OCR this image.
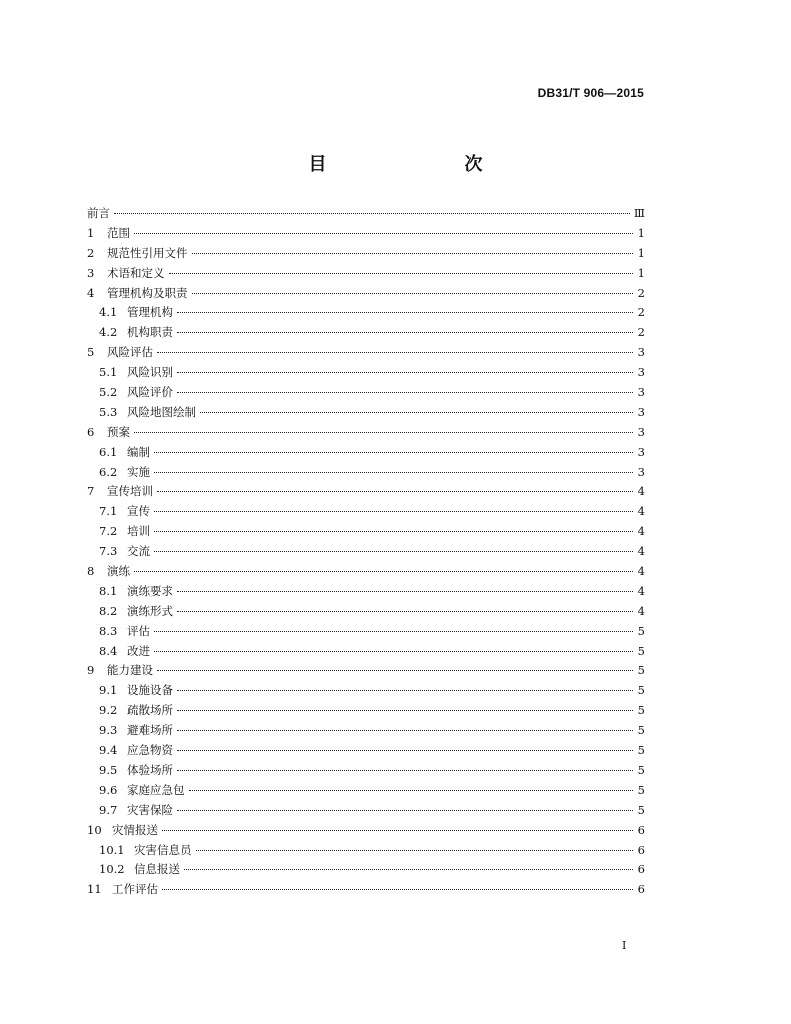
DB31/T 906—2015
目　　次
前言	Ⅲ
1	范围	1
2	规范性引用文件	1
3	术语和定义	1
4	管理机构及职责	2
4.1 管理机构	2
4.2 机构职责	2
5	风险评估	3
5.1 风险识别	3
5.2 风险评价	3
5.3 风险地图绘制	3
6	预案	3
6.1 编制	3
6.2 实施	3
7	宣传培训	4
7.1 宣传	4
7.2 培训	4
7.3 交流	4
8	演练	4
8.1 演练要求	4
8.2 演练形式	4
8.3 评估	5
8.4 改进	5
9	能力建设	5
9.1 设施设备	5
9.2 疏散场所	5
9.3 避难场所	5
9.4 应急物资	5
9.5 体验场所	5
9.6 家庭应急包	5
9.7 灾害保险	5
10 灾情报送	6
10.1 灾害信息员	6
10.2 信息报送	6
11 工作评估	6
I
